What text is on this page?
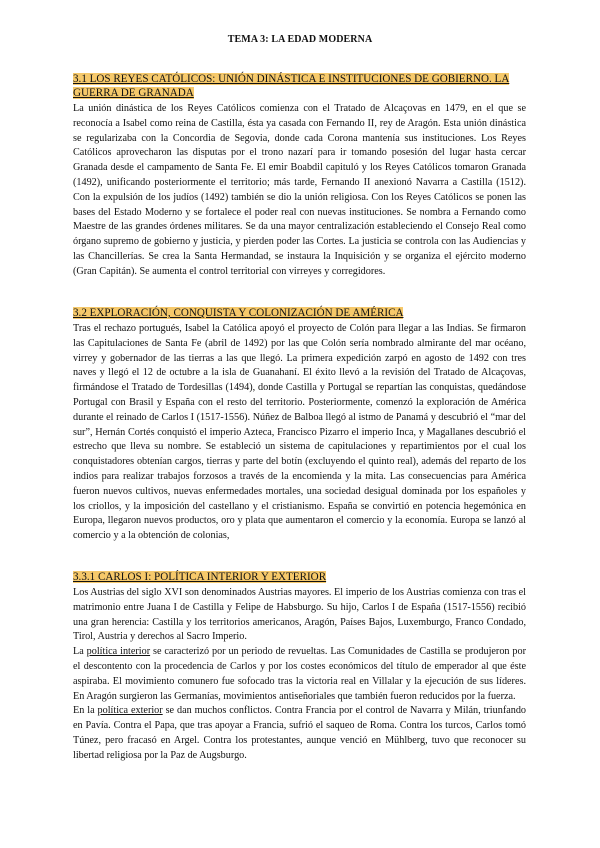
TEMA 3: LA EDAD MODERNA

3.1 LOS REYES CATÓLICOS: UNIÓN DINÁSTICA E INSTITUCIONES DE GOBIERNO. LA GUERRA DE GRANADA

La unión dinástica de los Reyes Católicos comienza con el Tratado de Alcaçovas en 1479, en el que se reconocía a Isabel como reina de Castilla, ésta ya casada con Fernando II, rey de Aragón. Esta unión dinástica se regularizaba con la Concordia de Segovia, donde cada Corona mantenía sus instituciones. Los Reyes Católicos aprovecharon las disputas por el trono nazarí para ir tomando posesión del lugar hasta cercar Granada desde el campamento de Santa Fe. El emir Boabdil capituló y los Reyes Católicos tomaron Granada (1492), unificando posteriormente el territorio; más tarde, Fernando II anexionó Navarra a Castilla (1512). Con la expulsión de los judíos (1492) también se dio la unión religiosa. Con los Reyes Católicos se ponen las bases del Estado Moderno y se fortalece el poder real con nuevas instituciones. Se nombra a Fernando como Maestre de las grandes órdenes militares. Se da una mayor centralización estableciendo el Consejo Real como órgano supremo de gobierno y justicia, y pierden poder las Cortes. La justicia se controla con las Audiencias y las Chancillerías. Se crea la Santa Hermandad, se instaura la Inquisición y se organiza el ejército moderno (Gran Capitán). Se aumenta el control territorial con virreyes y corregidores.

3.2 EXPLORACIÓN, CONQUISTA Y COLONIZACIÓN DE AMÉRICA

Tras el rechazo portugués, Isabel la Católica apoyó el proyecto de Colón para llegar a las Indias. Se firmaron las Capitulaciones de Santa Fe (abril de 1492) por las que Colón sería nombrado almirante del mar océano, virrey y gobernador de las tierras a las que llegó. La primera expedición zarpó en agosto de 1492 con tres naves y llegó el 12 de octubre a la isla de Guanahaní. El éxito llevó a la revisión del Tratado de Alcaçovas, firmándose el Tratado de Tordesillas (1494), donde Castilla y Portugal se repartían las conquistas, quedándose Portugal con Brasil y España con el resto del territorio. Posteriormente, comenzó la exploración de América durante el reinado de Carlos I (1517-1556). Núñez de Balboa llegó al istmo de Panamá y descubrió el “mar del sur”, Hernán Cortés conquistó el imperio Azteca, Francisco Pizarro el imperio Inca, y Magallanes descubrió el estrecho que lleva su nombre. Se estableció un sistema de capitulaciones y repartimientos por el cual los conquistadores obtenían cargos, tierras y parte del botín (excluyendo el quinto real), además del reparto de los indios para realizar trabajos forzosos a través de la encomienda y la mita. Las consecuencias para América fueron nuevos cultivos, nuevas enfermedades mortales, una sociedad desigual dominada por los españoles y los criollos, y la imposición del castellano y el cristianismo. España se convirtió en potencia hegemónica en Europa, llegaron nuevos productos, oro y plata que aumentaron el comercio y la economía. Europa se lanzó al comercio y a la obtención de colonias,

3.3.1 CARLOS I: POLÍTICA INTERIOR Y EXTERIOR

Los Austrias del siglo XVI son denominados Austrias mayores. El imperio de los Austrias comienza con tras el matrimonio entre Juana I de Castilla y Felipe de Habsburgo. Su hijo, Carlos I de España (1517-1556) recibió una gran herencia: Castilla y los territorios americanos, Aragón, Países Bajos, Luxemburgo, Franco Condado, Tirol, Austria y derechos al Sacro Imperio.

La política interior se caracterizó por un periodo de revueltas. Las Comunidades de Castilla se produjeron por el descontento con la procedencia de Carlos y por los costes económicos del título de emperador al que éste aspiraba. El movimiento comunero fue sofocado tras la victoria real en Villalar y la ejecución de sus líderes. En Aragón surgieron las Germanías, movimientos antiseñoriales que también fueron reducidos por la fuerza.

En la política exterior se dan muchos conflictos. Contra Francia por el control de Navarra y Milán, triunfando en Pavía. Contra el Papa, que tras apoyar a Francia, sufrió el saqueo de Roma. Contra los turcos, Carlos tomó Túnez, pero fracasó en Argel. Contra los protestantes, aunque venció en Mühlberg, tuvo que reconocer su libertad religiosa por la Paz de Augsburgo.
